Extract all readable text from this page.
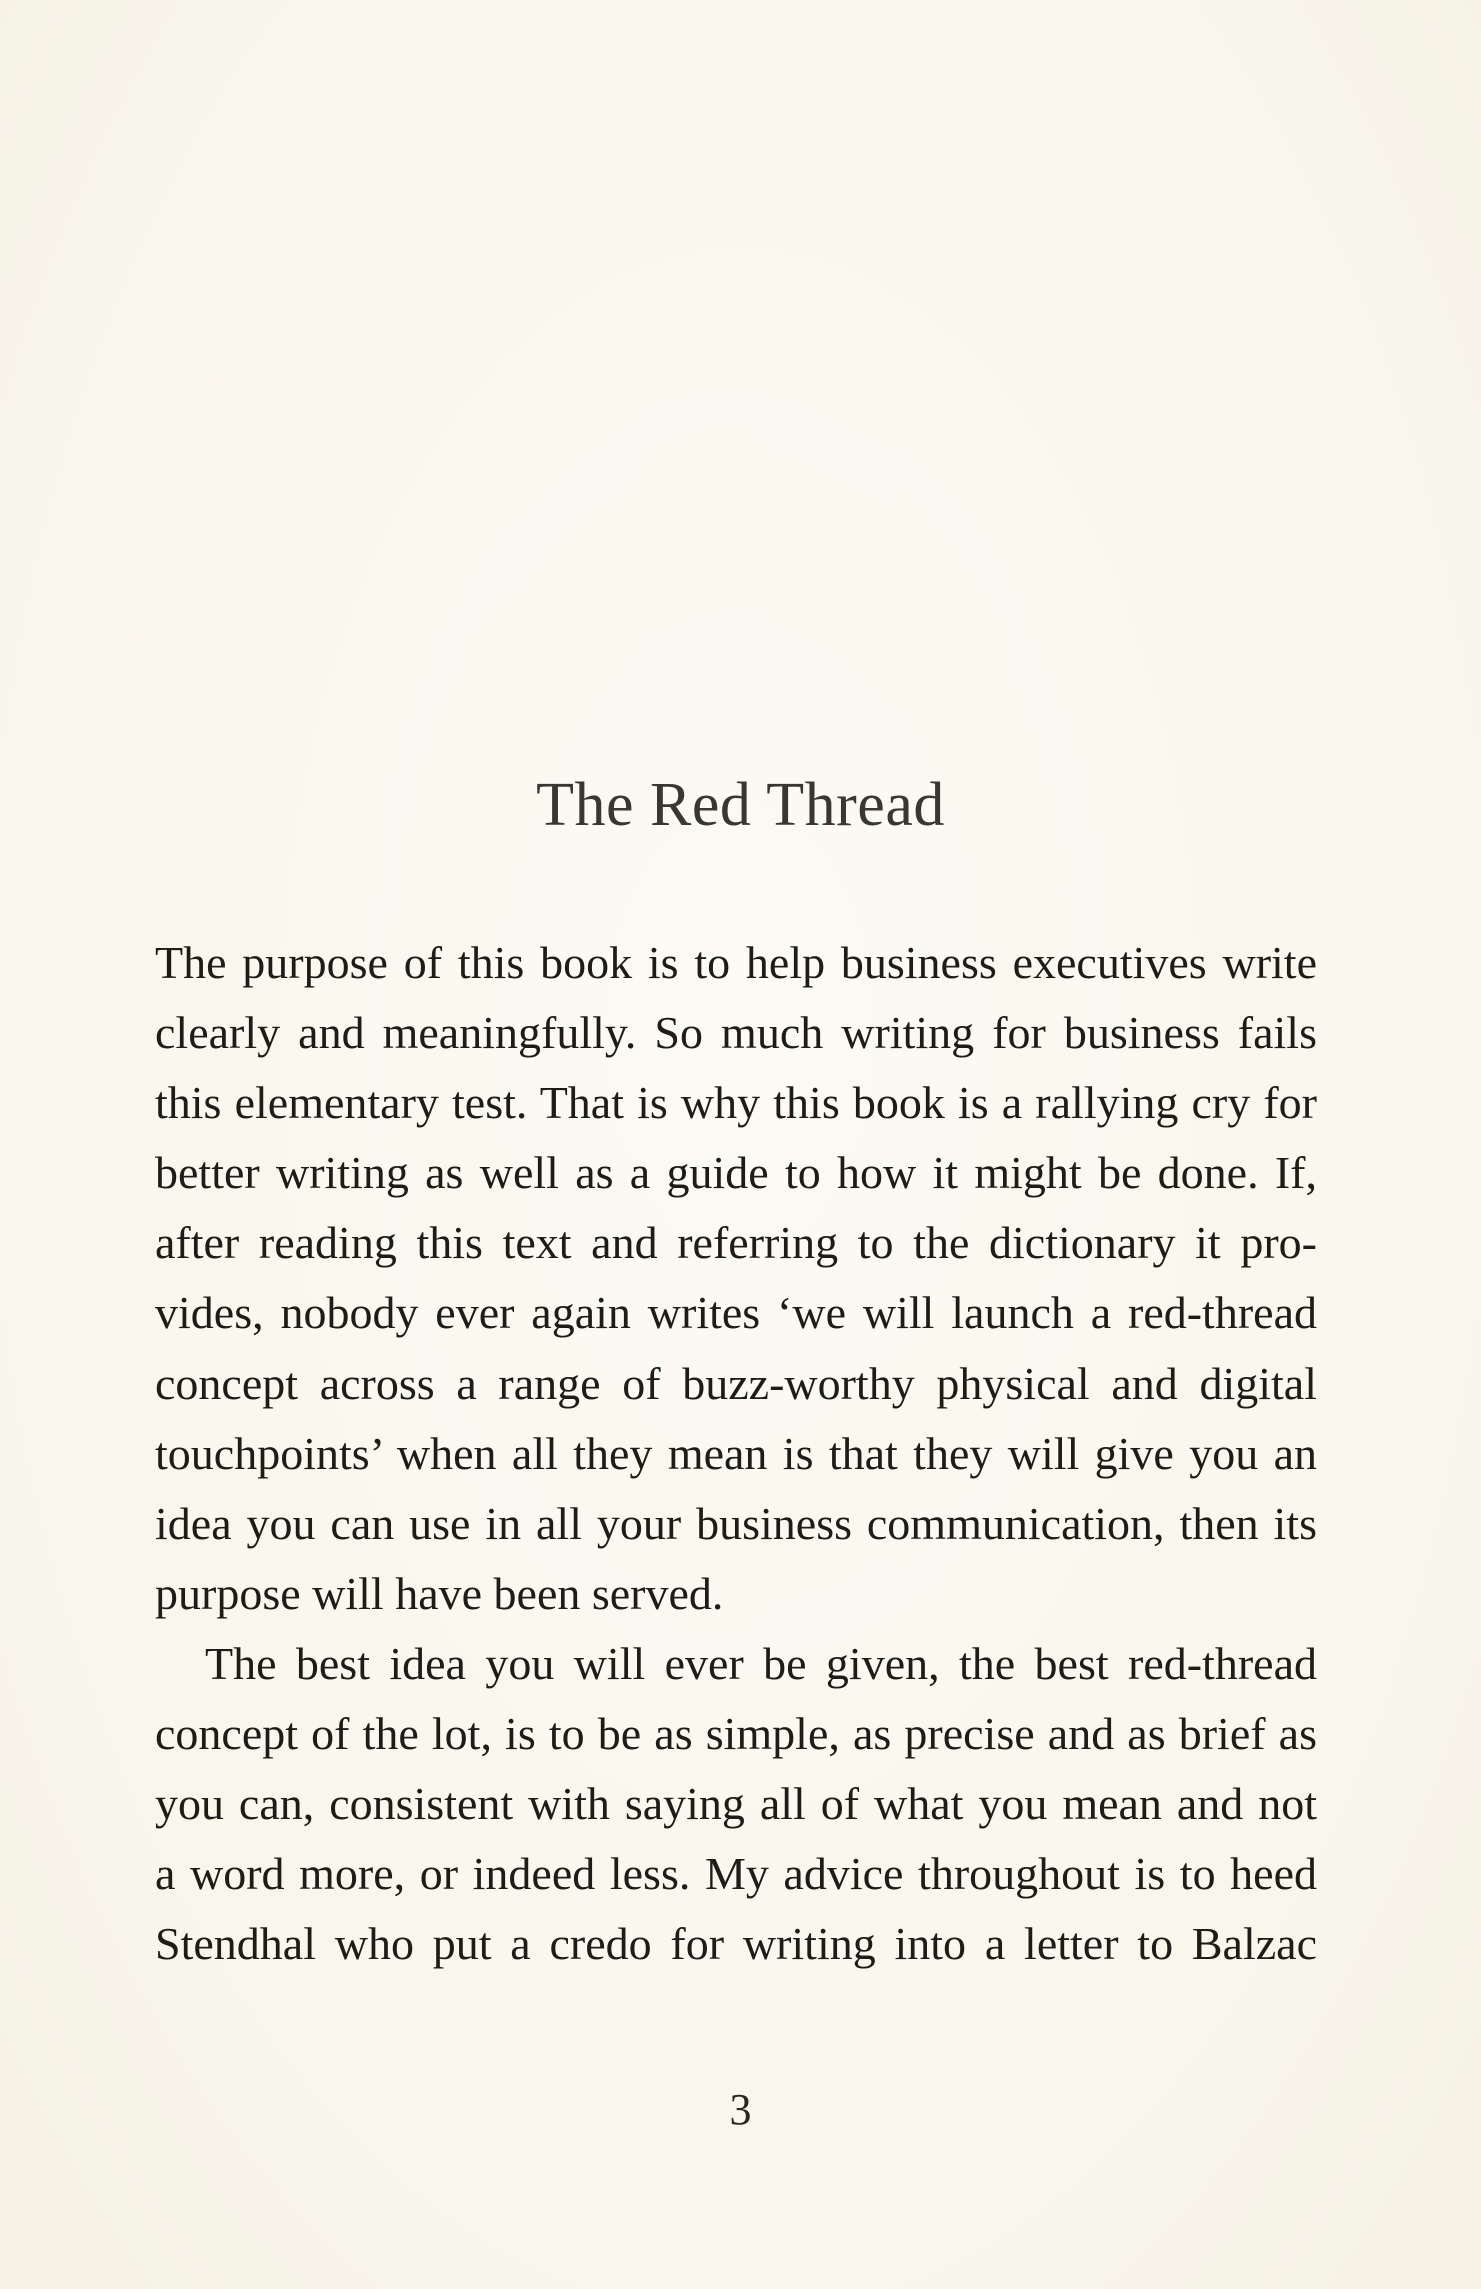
The Red Thread
The purpose of this book is to help business executives write
clearly and meaningfully. So much writing for business fails
this elementary test. That is why this book is a rallying cry for
better writing as well as a guide to how it might be done. If,
after reading this text and referring to the dictionary it pro-
vides, nobody ever again writes ‘we will launch a red-thread
concept across a range of buzz-worthy physical and digital
touchpoints’ when all they mean is that they will give you an
idea you can use in all your business communication, then its
purpose will have been served.
The best idea you will ever be given, the best red-thread
concept of the lot, is to be as simple, as precise and as brief as
you can, consistent with saying all of what you mean and not
a word more, or indeed less. My advice throughout is to heed
Stendhal who put a credo for writing into a letter to Balzac
3
